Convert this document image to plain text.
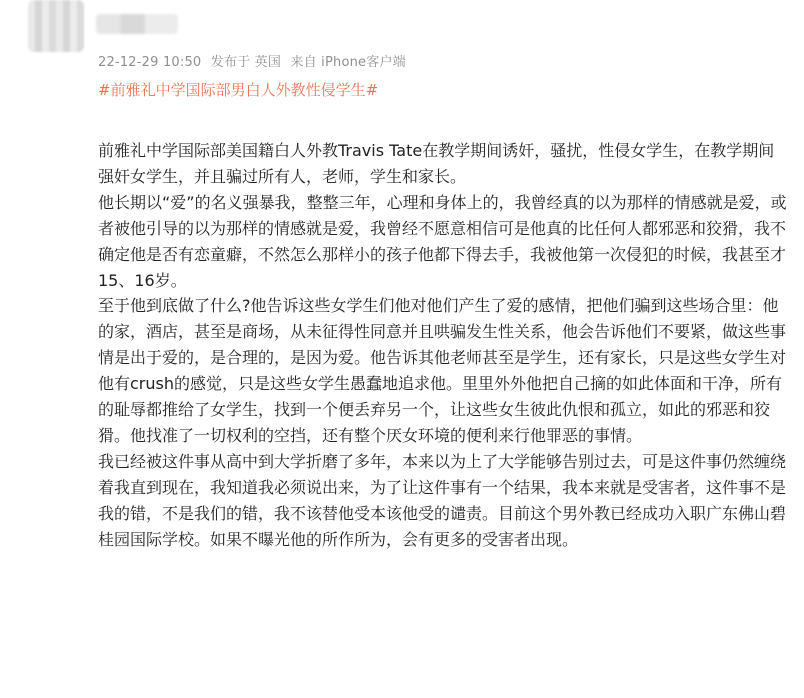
22-12-29 10:50 发布于 英国 来自 iPhone客户端
#前雅礼中学国际部男白人外教性侵学生#

前雅礼中学国际部美国籍白人外教Travis Tate在教学期间诱奸，骚扰，性侵女学生，在教学期间强奸女学生，并且骗过所有人，老师，学生和家长。

他长期以“爱”的名义强暴我，整整三年，心理和身体上的，我曾经真的以为那样的情感就是爱，或者被他引导的以为那样的情感就是爱，我曾经不愿意相信可是他真的比任何人都邪恶和狡猾，我不确定他是否有恋童癖，不然怎么那样小的孩子他都下得去手，我被他第一次侵犯的时候，我甚至才15、16岁。

至于他到底做了什么?他告诉这些女学生们他对他们产生了爱的感情，把他们骗到这些场合里：他的家，酒店，甚至是商场，从未征得性同意并且哄骗发生性关系，他会告诉他们不要紧，做这些事情是出于爱的，是合理的，是因为爱。他告诉其他老师甚至是学生，还有家长，只是这些女学生对他有crush的感觉，只是这些女学生愚蠢地追求他。里里外外他把自己摘的如此体面和干净，所有的耻辱都推给了女学生，找到一个便丢弃另一个，让这些女生彼此仇恨和孤立，如此的邪恶和狡猾。他找准了一切权利的空挡，还有整个厌女环境的便利来行他罪恶的事情。

我已经被这件事从高中到大学折磨了多年，本来以为上了大学能够告别过去，可是这件事仍然缠绕着我直到现在，我知道我必须说出来，为了让这件事有一个结果，我本来就是受害者，这件事不是我的错，不是我们的错，我不该替他受本该他受的谴责。目前这个男外教已经成功入职广东佛山碧桂园国际学校。如果不曝光他的所作所为，会有更多的受害者出现。
